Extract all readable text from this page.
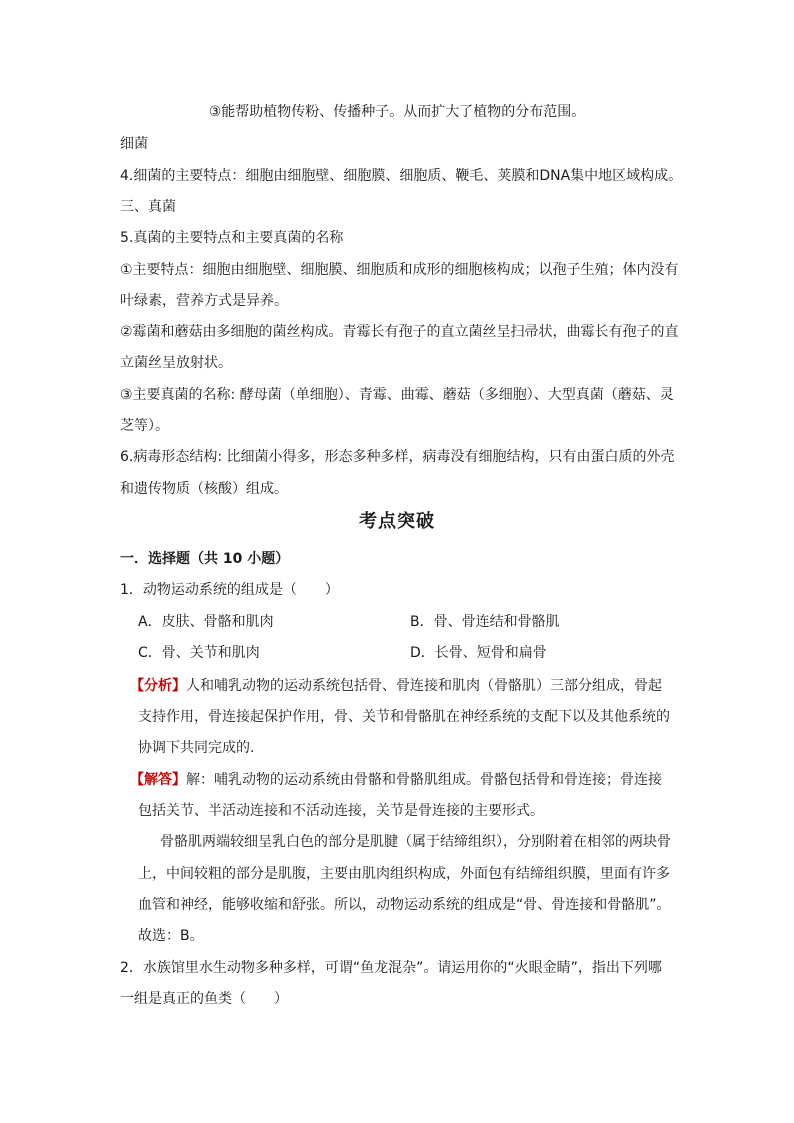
③能帮助植物传粉、传播种子。从而扩大了植物的分布范围。
细菌
4.细菌的主要特点：细胞由细胞壁、细胞膜、细胞质、鞭毛、荚膜和DNA集中地区域构成。
三、真菌
5.真菌的主要特点和主要真菌的名称
①主要特点：细胞由细胞壁、细胞膜、细胞质和成形的细胞核构成；以孢子生殖；体内没有
叶绿素，营养方式是异养。
②霉菌和蘑菇由多细胞的菌丝构成。青霉长有孢子的直立菌丝呈扫帚状，曲霉长有孢子的直
立菌丝呈放射状。
③主要真菌的名称: 酵母菌（单细胞）、青霉、曲霉、蘑菇（多细胞）、大型真菌（蘑菇、灵
芝等）。
6.病毒形态结构: 比细菌小得多，形态多种多样，病毒没有细胞结构，只有由蛋白质的外壳
和遗传物质（核酸）组成。
考点突破
一．选择题（共 10 小题）
1．动物运动系统的组成是（　　）
A．皮肤、骨骼和肌肉	B．骨、骨连结和骨骼肌
C．骨、关节和肌肉	D．长骨、短骨和扁骨
【分析】人和哺乳动物的运动系统包括骨、骨连接和肌肉（骨骼肌）三部分组成，骨起
支持作用，骨连接起保护作用，骨、关节和骨骼肌在神经系统的支配下以及其他系统的
协调下共同完成的.
【解答】解：哺乳动物的运动系统由骨骼和骨骼肌组成。骨骼包括骨和骨连接；骨连接
包括关节、半活动连接和不活动连接，关节是骨连接的主要形式。
骨骼肌两端较细呈乳白色的部分是肌腱（属于结缔组织），分别附着在相邻的两块骨
上，中间较粗的部分是肌腹，主要由肌肉组织构成，外面包有结缔组织膜，里面有许多
血管和神经，能够收缩和舒张。所以，动物运动系统的组成是“骨、骨连接和骨骼肌”。
故选：B。
2．水族馆里水生动物多种多样，可谓“鱼龙混杂”。请运用你的“火眼金睛”，指出下列哪
一组是真正的鱼类（　　）
